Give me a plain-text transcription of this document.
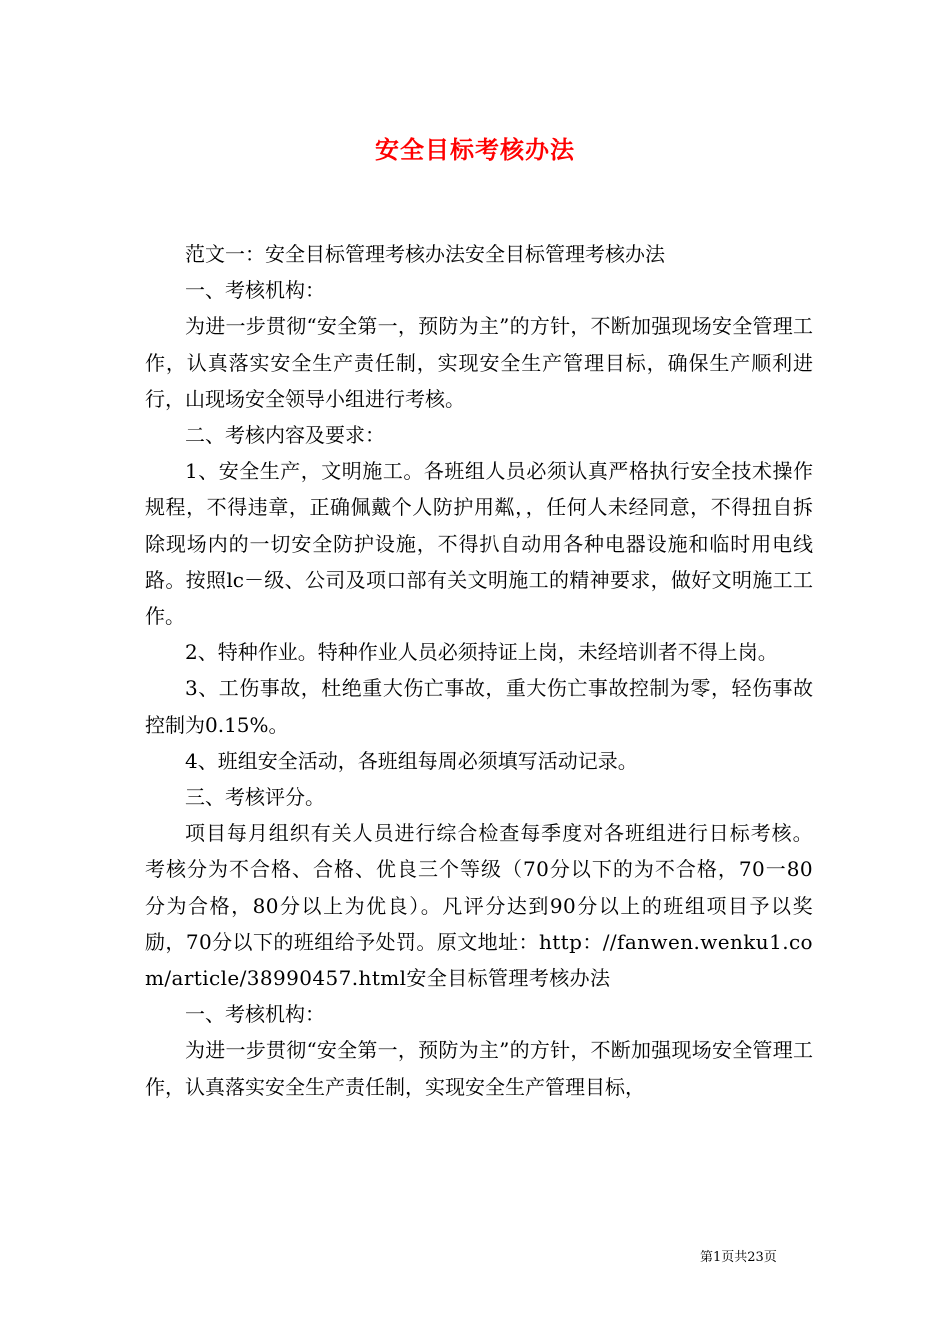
安全目标考核办法

范文一：安全目标管理考核办法安全目标管理考核办法

一、考核机构：

为进一步贯彻“安全第一，预防为主”的方针，不断加强现场安全管理工作，认真落实安全生产责任制，实现安全生产管理目标，确保生产顺利进行，山现场安全领导小组进行考核。

二、考核内容及要求：

1、安全生产，文明施工。各班组人员必须认真严格执行安全技术操作规程，不得违章，正确佩戴个人防护用粼，，任何人未经同意，不得扭自拆除现场内的一切安全防护设施，不得扒自动用各种电器设施和临时用电线路。按照lc－级、公司及项口部有关文明施工的精神要求，做好文明施工工作。

2、特种作业。特种作业人员必须持证上岗，未经培训者不得上岗。

3、工伤事故，杜绝重大伤亡事故，重大伤亡事故控制为零，轻伤事故控制为0.15%。

4、班组安全活动，各班组每周必须填写活动记录。

三、考核评分。

项目每月组织有关人员进行综合检查每季度对各班组进行日标考核。考核分为不合格、合格、优良三个等级（70分以下的为不合格，70一80分为合格，80分以上为优良）。凡评分达到90分以上的班组项目予以奖励，70分以下的班组给予处罚。原文地址：http：//fanwen.wenku1.com/article/38990457.html安全目标管理考核办法

一、考核机构：

为进一步贯彻“安全第一，预防为主”的方针，不断加强现场安全管理工作，认真落实安全生产责任制，实现安全生产管理目标，

第1页共23页
